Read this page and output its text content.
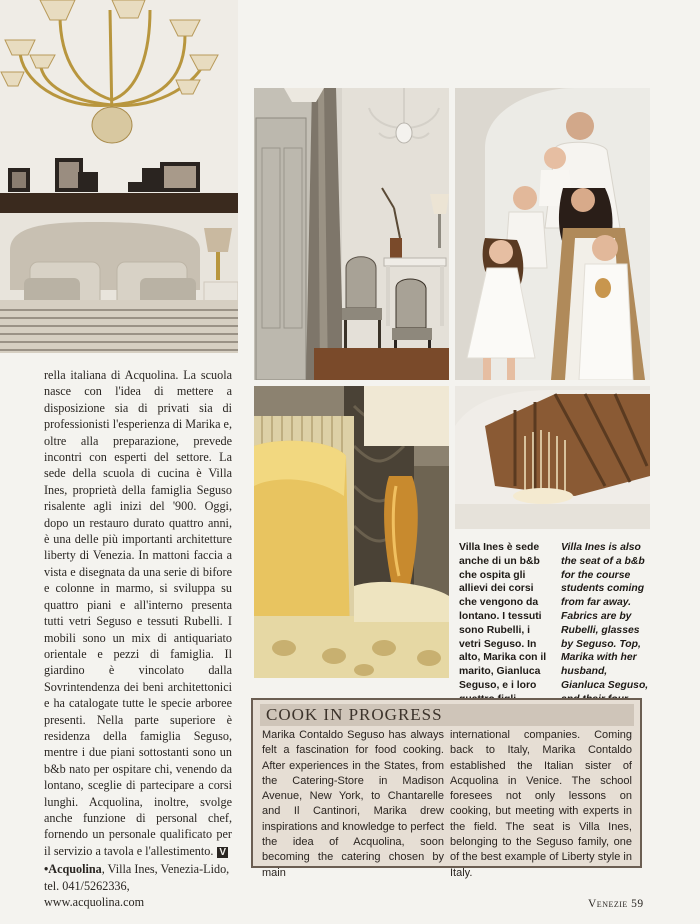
rella italiana di Acquolina. La scuola nasce con l'idea di mettere a disposizione sia di privati sia di professionisti l'esperienza di Marika e, oltre alla preparazione, prevede incontri con esperti del settore. La sede della scuola di cucina è Villa Ines, proprietà della famiglia Seguso risalente agli inizi del '900. Oggi, dopo un restauro durato quattro anni, è una delle più importanti architetture liberty di Venezia. In mattoni faccia a vista e disegnata da una serie di bifore e colonne in marmo, si sviluppa su quattro piani e all'interno presenta tutti vetri Seguso e tessuti Rubelli. I mobili sono un mix di antiquariato orientale e pezzi di famiglia. Il giardino è vincolato dalla Sovrintendenza dei beni architettonici e ha catalogate tutte le specie arboree presenti. Nella parte superiore è residenza della famiglia Seguso, mentre i due piani sottostanti sono un b&b nato per ospitare chi, venendo da lontano, sceglie di partecipare a corsi lunghi. Acquolina, inoltre, svolge anche funzione di personal chef, fornendo un personale qualificato per il servizio a tavola e l'allestimento. V

•Acquolina, Villa Ines, Venezia-Lido, tel. 041/5262336, www.acquolina.com

Villa Ines è sede anche di un b&b che ospita gli allievi dei corsi che vengono da lontano. I tessuti sono Rubelli, i vetri Seguso. In alto, Marika con il marito, Gianluca Seguso, e i loro

Villa Ines is also the seat of a b&b for the course students coming from far away. Fabrics are by Rubelli, glasses by Seguso. Top, Marika with her husband, Gianluca Seguso,

COOK IN PROGRESS

Marika Contaldo Seguso has always felt a fascination for food cooking. After experiences in the States, from the Catering-Store in Madison Avenue, New York, to Chantarelle and Il Cantinori, Marika drew inspirations and knowledge to perfect the idea of Acquolina, soon becoming the catering chosen by main

international companies. Coming back to Italy, Marika Contaldo established the Italian sister of Acquolina in Venice. The school foresees not only lessons on cooking, but meeting with experts in the field. The seat is Villa Ines, belonging to the Seguso family, one of the best example of Liberty style in Italy.

Venezie 59
